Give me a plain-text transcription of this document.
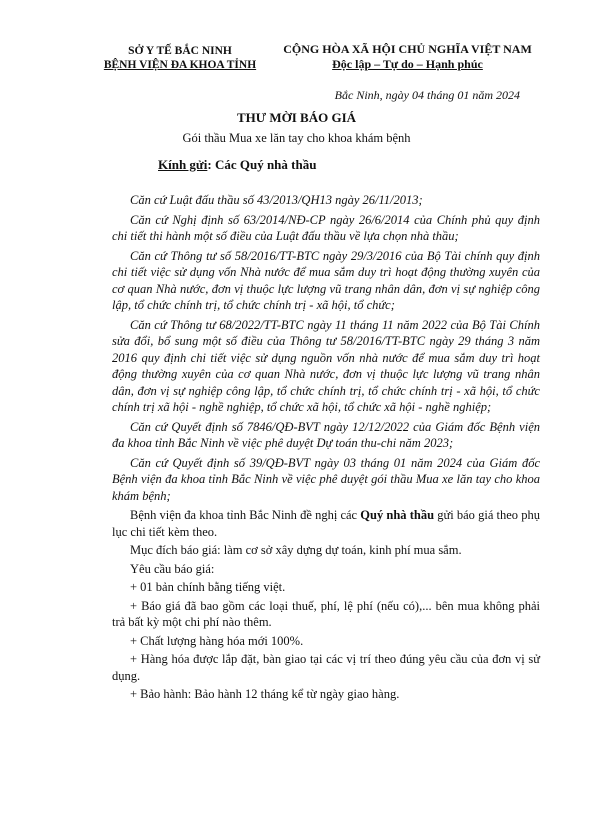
SỞ Y TẾ BẮC NINH
BỆNH VIỆN ĐA KHOA TỈNH
CỘNG HÒA XÃ HỘI CHỦ NGHĨA VIỆT NAM
Độc lập – Tự do – Hạnh phúc
Bắc Ninh, ngày 04 tháng 01 năm 2024
THƯ MỜI BÁO GIÁ
Gói thầu Mua xe lăn tay cho khoa khám bệnh
Kính gửi: Các Quý nhà thầu

Căn cứ Luật đấu thầu số 43/2013/QH13 ngày 26/11/2013;

Căn cứ Nghị định số 63/2014/NĐ-CP ngày 26/6/2014 của Chính phủ quy định chi tiết thi hành một số điều của Luật đấu thầu về lựa chọn nhà thầu;

Căn cứ Thông tư số 58/2016/TT-BTC ngày 29/3/2016 của Bộ Tài chính quy định chi tiết việc sử dụng vốn Nhà nước để mua sắm duy trì hoạt động thường xuyên của cơ quan Nhà nước, đơn vị thuộc lực lượng vũ trang nhân dân, đơn vị sự nghiệp công lập, tổ chức chính trị, tổ chức chính trị - xã hội, tổ chức;

Căn cứ Thông tư 68/2022/TT-BTC ngày 11 tháng 11 năm 2022 của Bộ Tài Chính sửa đổi, bổ sung một số điều của Thông tư 58/2016/TT-BTC ngày 29 tháng 3 năm 2016 quy định chi tiết việc sử dụng nguồn vốn nhà nước để mua sắm duy trì hoạt động thường xuyên của cơ quan Nhà nước, đơn vị thuộc lực lượng vũ trang nhân dân, đơn vị sự nghiệp công lập, tổ chức chính trị, tổ chức chính trị - xã hội, tổ chức chính trị xã hội - nghề nghiệp, tổ chức xã hội, tổ chức xã hội - nghề nghiệp;

Căn cứ Quyết định số 7846/QĐ-BVT ngày 12/12/2022 của Giám đốc Bệnh viện đa khoa tỉnh Bắc Ninh về việc phê duyệt Dự toán thu-chi năm 2023;

Căn cứ Quyết định số 39/QĐ-BVT ngày 03 tháng 01 năm 2024 của Giám đốc Bệnh viện đa khoa tỉnh Bắc Ninh về việc phê duyệt gói thầu Mua xe lăn tay cho khoa khám bệnh;

Bệnh viện đa khoa tỉnh Bắc Ninh đề nghị các Quý nhà thầu gửi báo giá theo phụ lục chi tiết kèm theo.

Mục đích báo giá: làm cơ sở xây dựng dự toán, kinh phí mua sắm.

Yêu cầu báo giá:

+ 01 bản chính bằng tiếng việt.

+ Báo giá đã bao gồm các loại thuế, phí, lệ phí (nếu có),... bên mua không phải trả bất kỳ một chi phí nào thêm.

+ Chất lượng hàng hóa mới 100%.

+ Hàng hóa được lắp đặt, bàn giao tại các vị trí theo đúng yêu cầu của đơn vị sử dụng.

+ Bảo hành: Bảo hành 12 tháng kể từ ngày giao hàng.
